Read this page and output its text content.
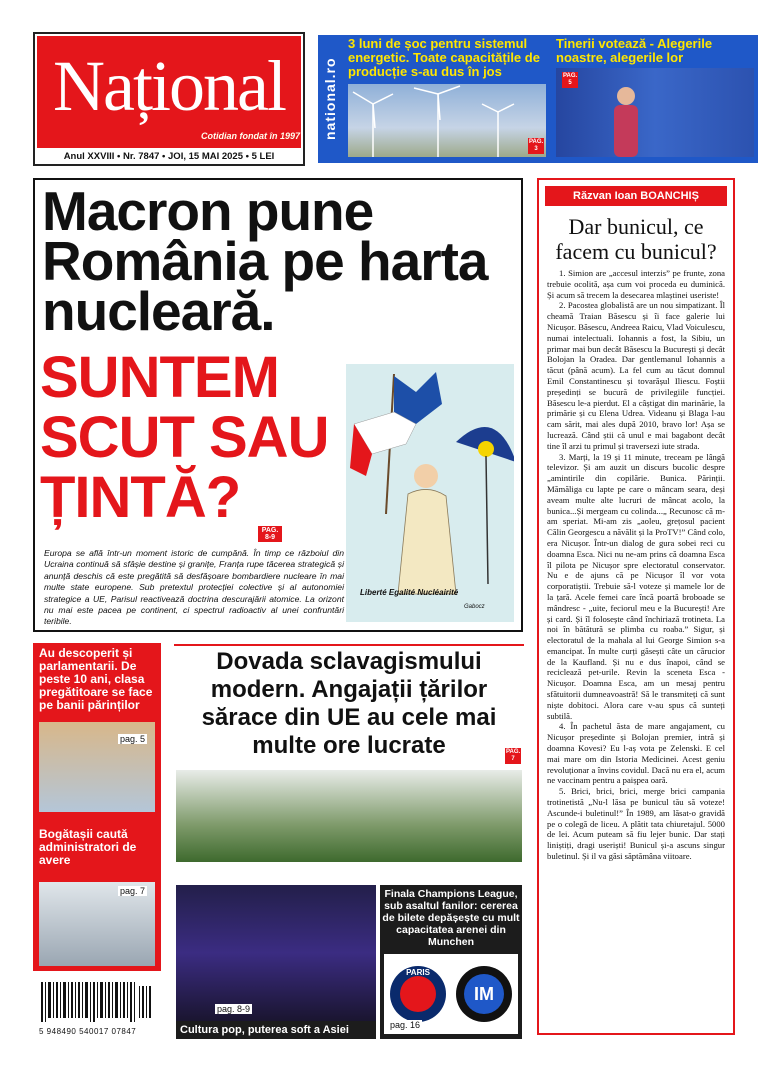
Național
Cotidian fondat în 1997
Anul XXVIII • Nr. 7847 • JOI, 15 MAI 2025 • 5 LEI
national.ro
3 luni de șoc pentru sistemul energetic. Toate capacitățile de producție s-au dus în jos
PAG. 3
Tinerii votează - Alegerile noastre, alegerile lor
PAG. 5
Macron pune România pe harta nucleară.
SUNTEM SCUT SAU ȚINTĂ?
PAG. 8-9
Europa se află într-un moment istoric de cumpănă. În timp ce războiul din Ucraina continuă să sfâșie destine și granițe, Franța rupe tăcerea strategică și anunță deschis că este pregătită să desfășoare bombardiere nucleare în mai multe state europene. Sub pretextul protecției colective și al autonomiei strategice a UE, Parisul reactivează doctrina descurajării atomice. La orizont nu mai este pacea pe continent, ci spectrul radioactiv al unei confruntări teribile.
Liberté Egalité Nucléairité
Gabocz
Răzvan Ioan BOANCHIȘ
Dar bunicul, ce facem cu bunicul?

1. Simion are „accesul interzis” pe frunte, zona trebuie ocolită, așa cum voi proceda eu duminică. Și acum să trecem la desecarea mlaștinei useriste!

2. Pacostea globalistă are un nou simpatizant. Îl cheamă Traian Băsescu și îi face galerie lui Nicușor. Băsescu, Andreea Raicu, Vlad Voiculescu, numai intelectuali. Iohannis a fost, la Sibiu, un primar mai bun decât Băsescu la București și decât Bolojan la Oradea. Dar gentlemanul Iohannis a tăcut (până acum). La fel cum au tăcut domnul Emil Constantinescu și tovarășul Iliescu. Foștii președinți se bucură de privilegiile funcției. Băsescu le-a pierdut. El a câștigat din marinărie, la primărie și cu Elena Udrea. Videanu și Blaga l-au cam sărit, mai ales după 2010, bravo lor! Așa se lucrează. Când știi că unul e mai bagabont decât tine îl arzi tu primul și traversezi iute strada.

3. Marți, la 19 și 11 minute, treceam pe lângă televizor. Și am auzit un discurs bucolic despre „amintirile din copilărie. Bunica. Părinții. Mămăliga cu lapte pe care o mâncam seara, deși aveam multe alte lucruri de mâncat acolo, la bunica...Și mergeam cu colinda...„ Recunosc că m-am speriat. Mi-am zis „aoleu, grețosul pacient Călin Georgescu a năvălit și la ProTV!” Când colo, era Nicușor. Într-un dialog de gura sobei reci cu doamna Esca. Nici nu ne-am prins că doamna Esca îl pilota pe Nicușor spre electoratul conservator. Nu e de ajuns că pe Nicușor îl vor vota corporatiștii. Trebuie să-l voteze și mamele lor de la țară. Acele femei care încă poartă broboade se mândresc - „uite, feciorul meu e la București! Are și card. Și îl folosește când închiriază trotineta. La noi în bătătură se plimba cu roaba.” Sigur, și electoratul de la mahala al lui George Simion s-a emancipat. În multe curți găsești câte un cărucior de la Kaufland. Și nu e dus înapoi, când se reciclează pet-urile. Revin la scenetа Esca - Nicușor. Doamna Esca, am un mesaj pentru sfătuitorii dumneavoastră! Să le transmiteți că sunt niște dobitoci. Alora care v-au spus că sunteți subtilă.

4. În pachetul ăsta de mare angajament, cu Nicușor președinte și Bolojan premier, intră și doamna Kovesi? Eu l-aș vota pe Zelenski. E cel mai mare om din Istoria Medicinei. Acest geniu revoluționar a învins covidul. Dacă nu era el, acum ne vaccinam pentru a paișpea oară.

5. Brici, brici, brici, merge brici campania trotinetistă „Nu-l lăsa pe bunicul tău să voteze! Ascunde-i buletinul!” În 1989, am lăsat-o gravidă pe o colegă de liceu. A plătit tata chiuretajul. 5000 de lei. Acum puteam să fiu lejer bunic. Dar stați liniștiți, dragi useriști! Bunicul și-a ascuns singur buletinul. Și il va găsi săptămâna viitoare.

Au descoperit și parlamentarii. De peste 10 ani, clasa pregătitoare se face pe banii părinților
pag. 5
Bogătașii caută administratori de avere
pag. 7
5 948490 540017 07847
Dovada sclavagismului modern. Angajații țărilor sărace din UE au cele mai multe ore lucrate	PAG. 7
pag. 8-9
Cultura pop, puterea soft a Asiei
Finala Champions League, sub asaltul fanilor: cererea de bilete depășește cu mult capacitatea arenei din Munchen
IM
PARIS
pag. 16
